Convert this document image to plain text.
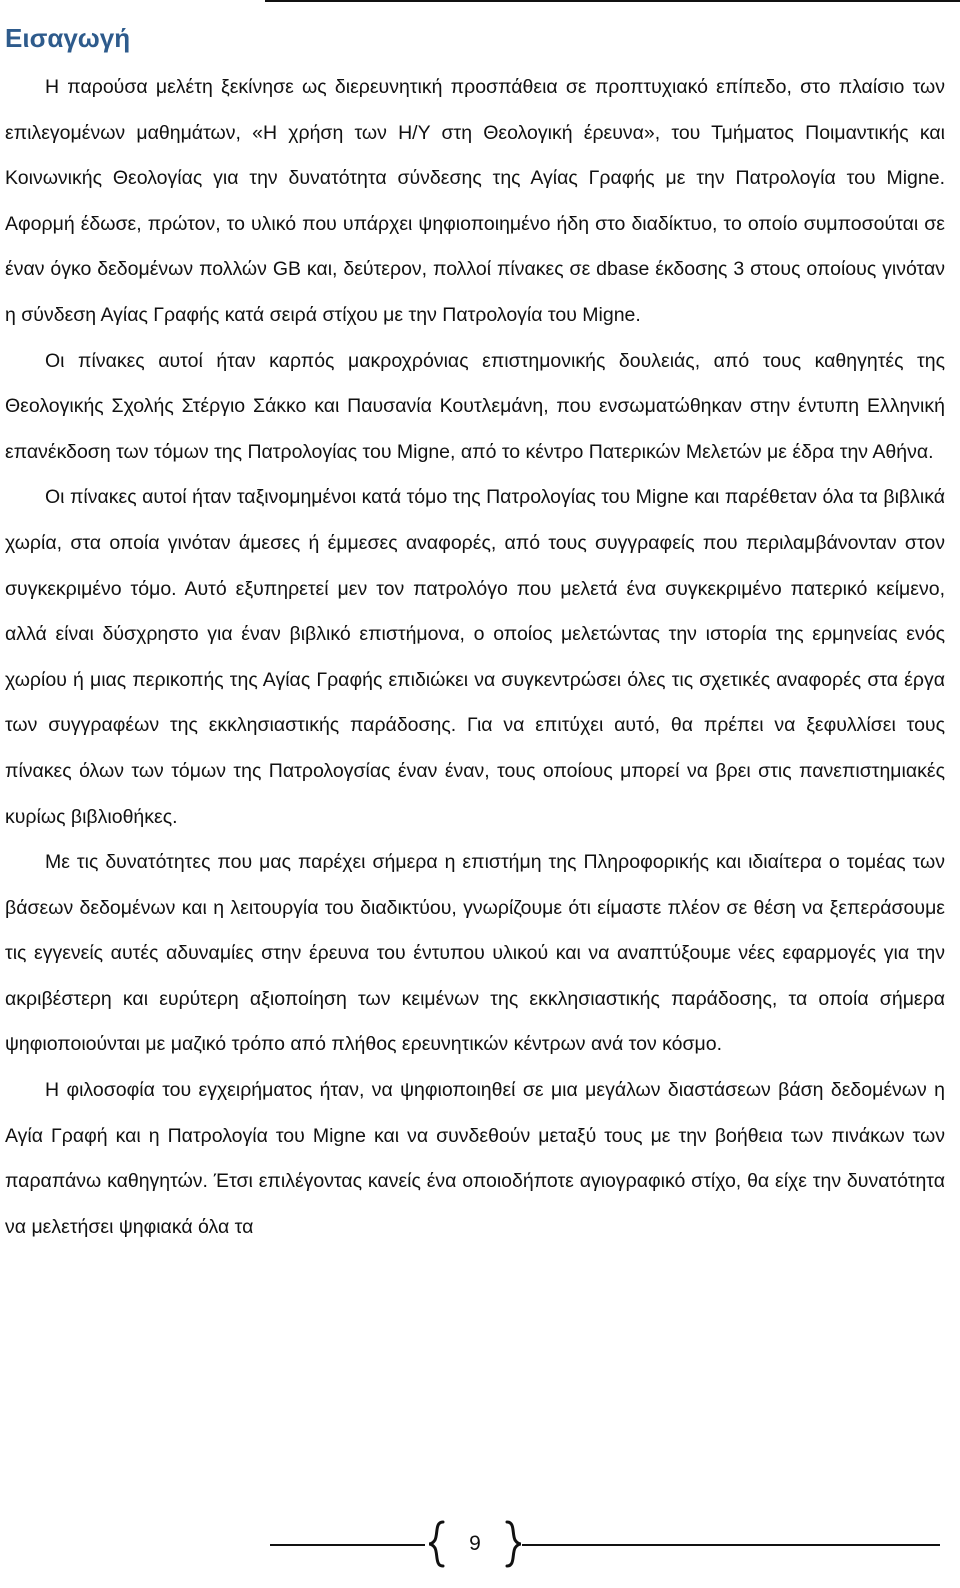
Εισαγωγή

Η παρούσα μελέτη ξεκίνησε ως διερευνητική προσπάθεια σε προπτυχιακό επίπεδο, στο πλαίσιο των επιλεγομένων μαθημάτων, «Η χρήση των Η/Υ στη Θεολογική έρευνα», του Τμήματος Ποιμαντικής και Κοινωνικής Θεολογίας για την δυνατότητα σύνδεσης της Αγίας Γραφής με την Πατρολογία του Migne. Αφορμή έδωσε, πρώτον, το υλικό που υπάρχει ψηφιοποιημένο ήδη στο διαδίκτυο, το οποίο συμποσούται σε έναν όγκο δεδομένων πολλών GB και, δεύτερον, πολλοί πίνακες σε dbase έκδοσης 3 στους οποίους γινόταν η σύνδεση Αγίας Γραφής κατά σειρά στίχου με την Πατρολογία του Migne.

Οι πίνακες αυτοί ήταν καρπός μακροχρόνιας επιστημονικής δουλειάς, από τους καθηγητές της Θεολογικής Σχολής Στέργιο Σάκκο και Παυσανία Κουτλεμάνη, που ενσωματώθηκαν στην έντυπη Ελληνική επανέκδοση των τόμων της Πατρολογίας του Migne, από το κέντρο Πατερικών Μελετών με έδρα την Αθήνα.

Οι πίνακες αυτοί ήταν ταξινομημένοι κατά τόμο της Πατρολογίας του Migne και παρέθεταν όλα τα βιβλικά χωρία, στα οποία γινόταν άμεσες ή έμμεσες αναφορές, από τους συγγραφείς που περιλαμβάνονταν στον συγκεκριμένο τόμο. Αυτό εξυπηρετεί μεν τον πατρολόγο που μελετά ένα συγκεκριμένο πατερικό κείμενο, αλλά είναι δύσχρηστο για έναν βιβλικό επιστήμονα, ο οποίος μελετώντας την ιστορία της ερμηνείας ενός χωρίου ή μιας περικοπής της Αγίας Γραφής επιδιώκει να συγκεντρώσει όλες τις σχετικές αναφορές στα έργα των συγγραφέων της εκκλησιαστικής παράδοσης. Για να επιτύχει αυτό, θα πρέπει να ξεφυλλίσει τους πίνακες όλων των τόμων της Πατρολογσίας έναν έναν, τους οποίους μπορεί να βρει στις πανεπιστημιακές κυρίως βιβλιοθήκες.

Με τις δυνατότητες που μας παρέχει σήμερα η επιστήμη της Πληροφορικής και ιδιαίτερα ο τομέας των βάσεων δεδομένων και η λειτουργία του διαδικτύου, γνωρίζουμε ότι είμαστε πλέον σε θέση να ξεπεράσουμε τις εγγενείς αυτές αδυναμίες στην έρευνα του έντυπου υλικού και να αναπτύξουμε νέες εφαρμογές για την ακριβέστερη και ευρύτερη αξιοποίηση των κειμένων της εκκλησιαστικής παράδοσης, τα οποία σήμερα ψηφιοποιούνται με μαζικό τρόπο από πλήθος ερευνητικών κέντρων ανά τον κόσμο.

Η φιλοσοφία του εγχειρήματος ήταν, να ψηφιοποιηθεί σε μια μεγάλων διαστάσεων βάση δεδομένων η Αγία Γραφή και η Πατρολογία του Migne και να συνδεθούν μεταξύ τους με την βοήθεια των πινάκων των παραπάνω καθηγητών. Έτσι επιλέγοντας κανείς ένα οποιοδήποτε αγιογραφικό στίχο, θα είχε την δυνατότητα να μελετήσει ψηφιακά όλα τα

9
